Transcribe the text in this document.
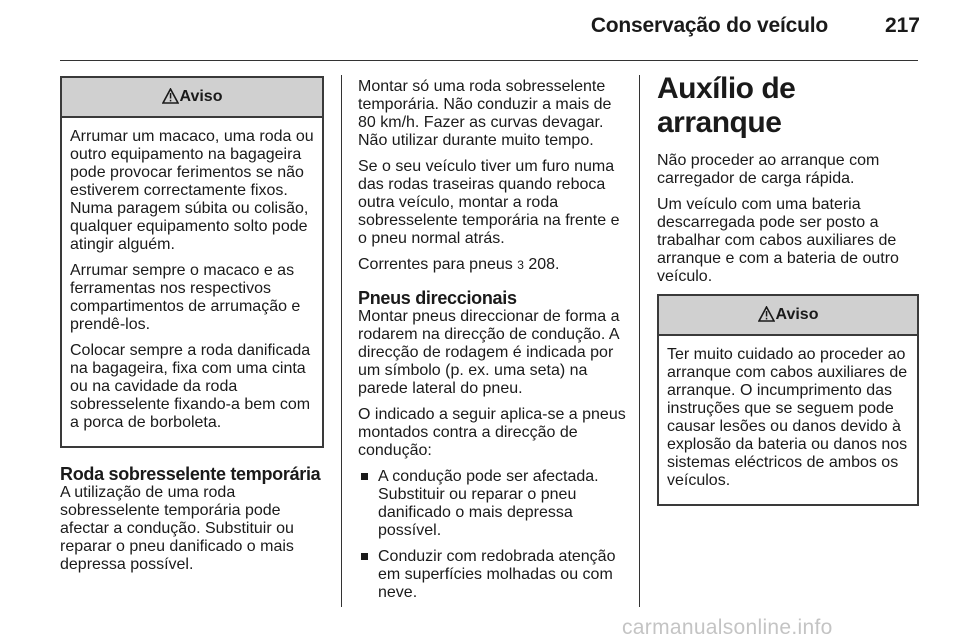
Conservação do veículo	217
Aviso

Arrumar um macaco, uma roda ou outro equipamento na bagageira pode provocar ferimentos se não estiverem correctamente fixos. Numa paragem súbita ou colisão, qualquer equipamento solto pode atingir alguém.

Arrumar sempre o macaco e as ferramentas nos respectivos compartimentos de arrumação e prendê-los.

Colocar sempre a roda danificada na bagageira, fixa com uma cinta ou na cavidade da roda sobresselente fixando-a bem com a porca de borboleta.

Roda sobresselente temporária

A utilização de uma roda sobresselente temporária pode afectar a condução. Substituir ou reparar o pneu danificado o mais depressa possível.

Montar só uma roda sobresselente temporária. Não conduzir a mais de 80 km/h. Fazer as curvas devagar. Não utilizar durante muito tempo.

Se o seu veículo tiver um furo numa das rodas traseiras quando reboca outra veículo, montar a roda sobresselente temporária na frente e o pneu normal atrás.

Correntes para pneus 3 208.

Pneus direccionais

Montar pneus direccionar de forma a rodarem na direcção de condução. A direcção de rodagem é indicada por um símbolo (p. ex. uma seta) na parede lateral do pneu.

O indicado a seguir aplica-se a pneus montados contra a direcção de condução:

A condução pode ser afectada. Substituir ou reparar o pneu danificado o mais depressa possível.
Conduzir com redobrada atenção em superfícies molhadas ou com neve.
Auxílio de arranque

Não proceder ao arranque com carregador de carga rápida.

Um veículo com uma bateria descarregada pode ser posto a trabalhar com cabos auxiliares de arranque e com a bateria de outro veículo.

Aviso

Ter muito cuidado ao proceder ao arranque com cabos auxiliares de arranque. O incumprimento das instruções que se seguem pode causar lesões ou danos devido à explosão da bateria ou danos nos sistemas eléctricos de ambos os veículos.

carmanualsonline.info
